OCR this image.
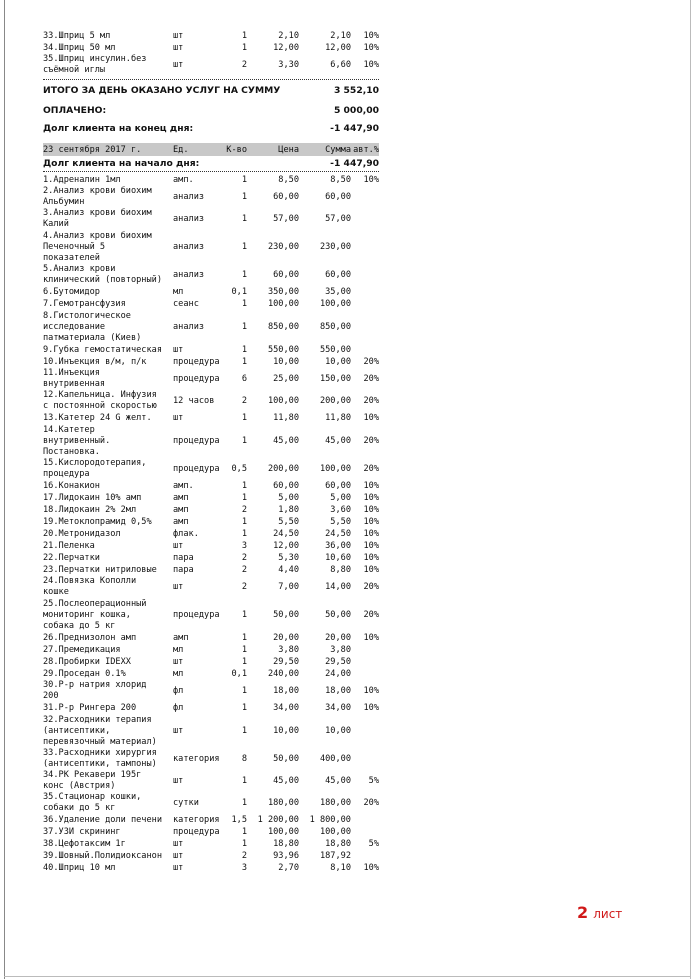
33.Шприц 5 мл	шт	1	2,10	2,10	10%
34.Шприц 50 мл	шт	1	12,00	12,00	10%
35.Шприц инсулин.без
съёмной иглы	шт	2	3,30	6,60	10%
ИТОГО ЗА ДЕНЬ ОКАЗАНО УСЛУГ НА СУММУ	3 552,10
ОПЛАЧЕНО:	5 000,00
Долг клиента на конец дня:	-1 447,90
23 сентября 2017 г.	Ед.	К-во	Цена	Сумма авт.%
Долг клиента на начало дня:	-1 447,90
1.Адреналин 1мл	амп.	1	8,50	8,50	10%
2.Анализ крови биохим
Альбумин	анализ	1	60,00	60,00
3.Анализ крови биохим
Калий	анализ	1	57,00	57,00
4.Анализ крови биохим
Печеночный 5
показателей
анализ	1	230,00	230,00
5.Анализ крови
клинический (повторный)	анализ	1	60,00	60,00
6.Бутомидор	мл	0,1	350,00	35,00
7.Гемотрансфузия	сеанс	1	100,00	100,00
8.Гистологическое
исследование
патматериала (Киев)
анализ	1	850,00	850,00
9.Губка гемостатическая	шт	1	550,00	550,00
10.Инъекция в/м, п/к	процедура	1	10,00	10,00	20%
11.Инъекция
внутривенная	процедура	6	25,00	150,00	20%
12.Капельница. Инфузия
с постоянной скоростью	12 часов	2	100,00	200,00	20%
13.Катетер 24 G желт.	шт	1	11,80	11,80	10%
14.Катетер
внутривенный.
Постановка.
процедура	1	45,00	45,00	20%
15.Кислородотерапия,
процедура	процедура	0,5	200,00	100,00	20%
16.Конакион	амп.	1	60,00	60,00	10%
17.Лидокаин 10% амп	амп	1	5,00	5,00	10%
18.Лидокаин 2% 2мл	амп	2	1,80	3,60	10%
19.Метоклопрамид 0,5%	амп	1	5,50	5,50	10%
20.Метронидазол	флак.	1	24,50	24,50	10%
21.Пеленка	шт	3	12,00	36,00	10%
22.Перчатки	пара	2	5,30	10,60	10%
23.Перчатки нитриловые	пара	2	4,40	8,80	10%
24.Повязка Кополли
кошке	шт	2	7,00	14,00	20%
25.Послеоперационный
мониторинг кошка,
собака до 5 кг
процедура	1	50,00	50,00	20%
26.Преднизолон амп	амп	1	20,00	20,00	10%
27.Премедикация	мл	1	3,80	3,80
28.Пробирки IDEXX	шт	1	29,50	29,50
29.Проседан 0.1%	мл	0,1	240,00	24,00
30.Р-р натрия хлорид
200	фл	1	18,00	18,00	10%
31.Р-р Рингера 200	фл	1	34,00	34,00	10%
32.Расходники терапия
(антисептики,
перевязочный материал)
шт	1	10,00	10,00
33.Расходники хирургия
(антисептики, тампоны)	категория	8	50,00	400,00
34.РК Рекавери 195г
конс (Австрия)	шт	1	45,00	45,00	5%
35.Стационар кошки,
собаки до 5 кг	сутки	1	180,00	180,00	20%
36.Удаление доли печени	категория	1,5	1 200,00	1 800,00
37.УЗИ скрининг	процедура	1	100,00	100,00
38.Цефотаксим 1г	шт	1	18,80	18,80	5%
39.Шовный.Полидиоксанон	шт	2	93,96	187,92
40.Шприц 10 мл	шт	3	2,70	8,10	10%
2 лист
